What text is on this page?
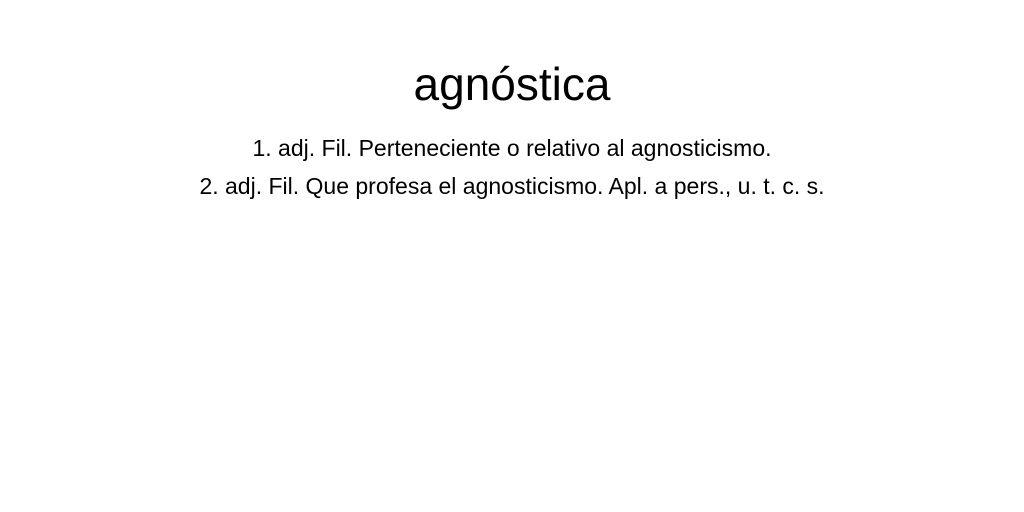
agnóstica
1. adj. Fil. Perteneciente o relativo al agnosticismo.
2. adj. Fil. Que profesa el agnosticismo. Apl. a pers., u. t. c. s.
